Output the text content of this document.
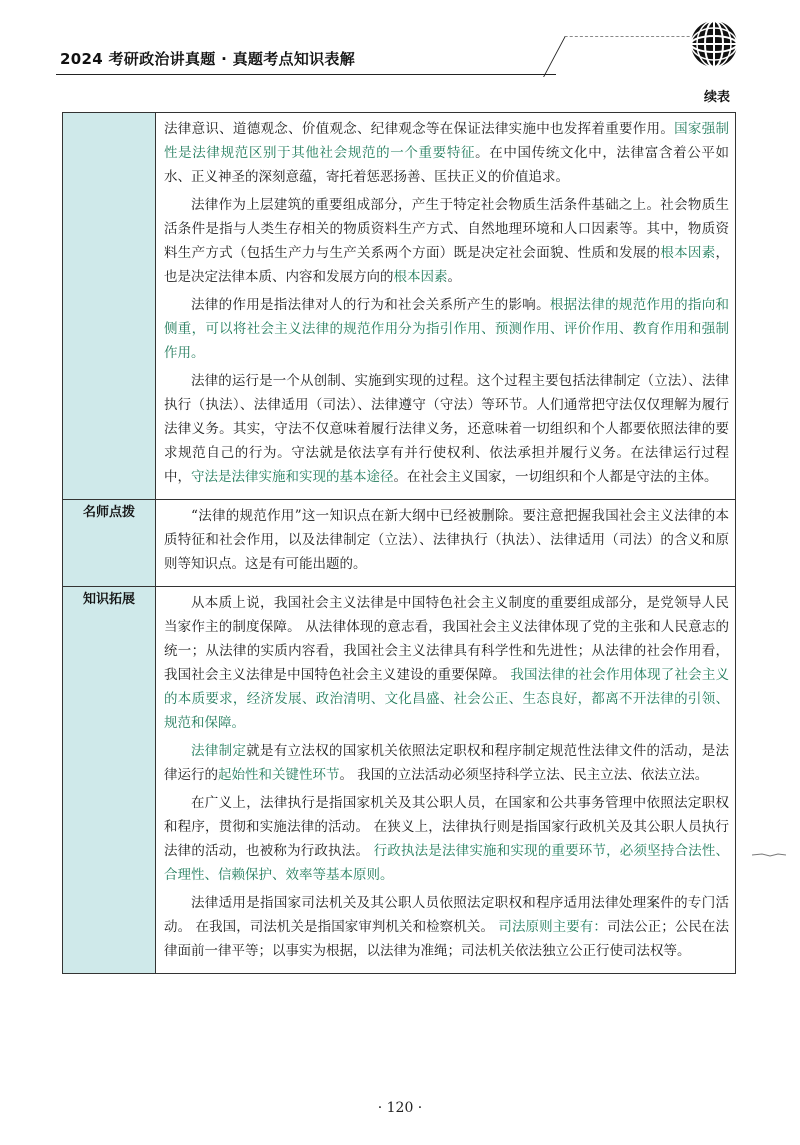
2024 考研政治讲真题 · 真题考点知识表解
续表

	法律意识、道德观念、价值观念、纪律观念等在保证法律实施中也发挥着重要作用。国家强制性是法律规范区别于其他社会规范的一个重要特征。在中国传统文化中，法律富含着公平如水、正义神圣的深刻意蕴，寄托着惩恶扬善、匡扶正义的价值追求。

法律作为上层建筑的重要组成部分，产生于特定社会物质生活条件基础之上。社会物质生活条件是指与人类生存相关的物质资料生产方式、自然地理环境和人口因素等。其中，物质资料生产方式（包括生产力与生产关系两个方面）既是决定社会面貌、性质和发展的根本因素，也是决定法律本质、内容和发展方向的根本因素。

法律的作用是指法律对人的行为和社会关系所产生的影响。根据法律的规范作用的指向和侧重，可以将社会主义法律的规范作用分为指引作用、预测作用、评价作用、教育作用和强制作用。

法律的运行是一个从创制、实施到实现的过程。这个过程主要包括法律制定（立法）、法律执行（执法）、法律适用（司法）、法律遵守（守法）等环节。人们通常把守法仅仅理解为履行法律义务。其实，守法不仅意味着履行法律义务，还意味着一切组织和个人都要依照法律的要求规范自己的行为。守法就是依法享有并行使权利、依法承担并履行义务。在法律运行过程中，守法是法律实施和实现的基本途径。在社会主义国家，一切组织和个人都是守法的主体。

名师点拨	“法律的规范作用”这一知识点在新大纲中已经被删除。要注意把握我国社会主义法律的本质特征和社会作用，以及法律制定（立法）、法律执行（执法）、法律适用（司法）的含义和原则等知识点。这是有可能出题的。

知识拓展	从本质上说，我国社会主义法律是中国特色社会主义制度的重要组成部分，是党领导人民当家作主的制度保障。 从法律体现的意志看，我国社会主义法律体现了党的主张和人民意志的统一；从法律的实质内容看，我国社会主义法律具有科学性和先进性；从法律的社会作用看，我国社会主义法律是中国特色社会主义建设的重要保障。 我国法律的社会作用体现了社会主义的本质要求，经济发展、政治清明、文化昌盛、社会公正、生态良好，都离不开法律的引领、规范和保障。

法律制定就是有立法权的国家机关依照法定职权和程序制定规范性法律文件的活动，是法律运行的起始性和关键性环节。 我国的立法活动必须坚持科学立法、民主立法、依法立法。

在广义上，法律执行是指国家机关及其公职人员，在国家和公共事务管理中依照法定职权和程序，贯彻和实施法律的活动。 在狭义上，法律执行则是指国家行政机关及其公职人员执行法律的活动，也被称为行政执法。 行政执法是法律实施和实现的重要环节，必须坚持合法性、合理性、信赖保护、效率等基本原则。

法律适用是指国家司法机关及其公职人员依照法定职权和程序适用法律处理案件的专门活动。 在我国，司法机关是指国家审判机关和检察机关。 司法原则主要有：司法公正；公民在法律面前一律平等；以事实为根据，以法律为准绳；司法机关依法独立公正行使司法权等。

· 120 ·
